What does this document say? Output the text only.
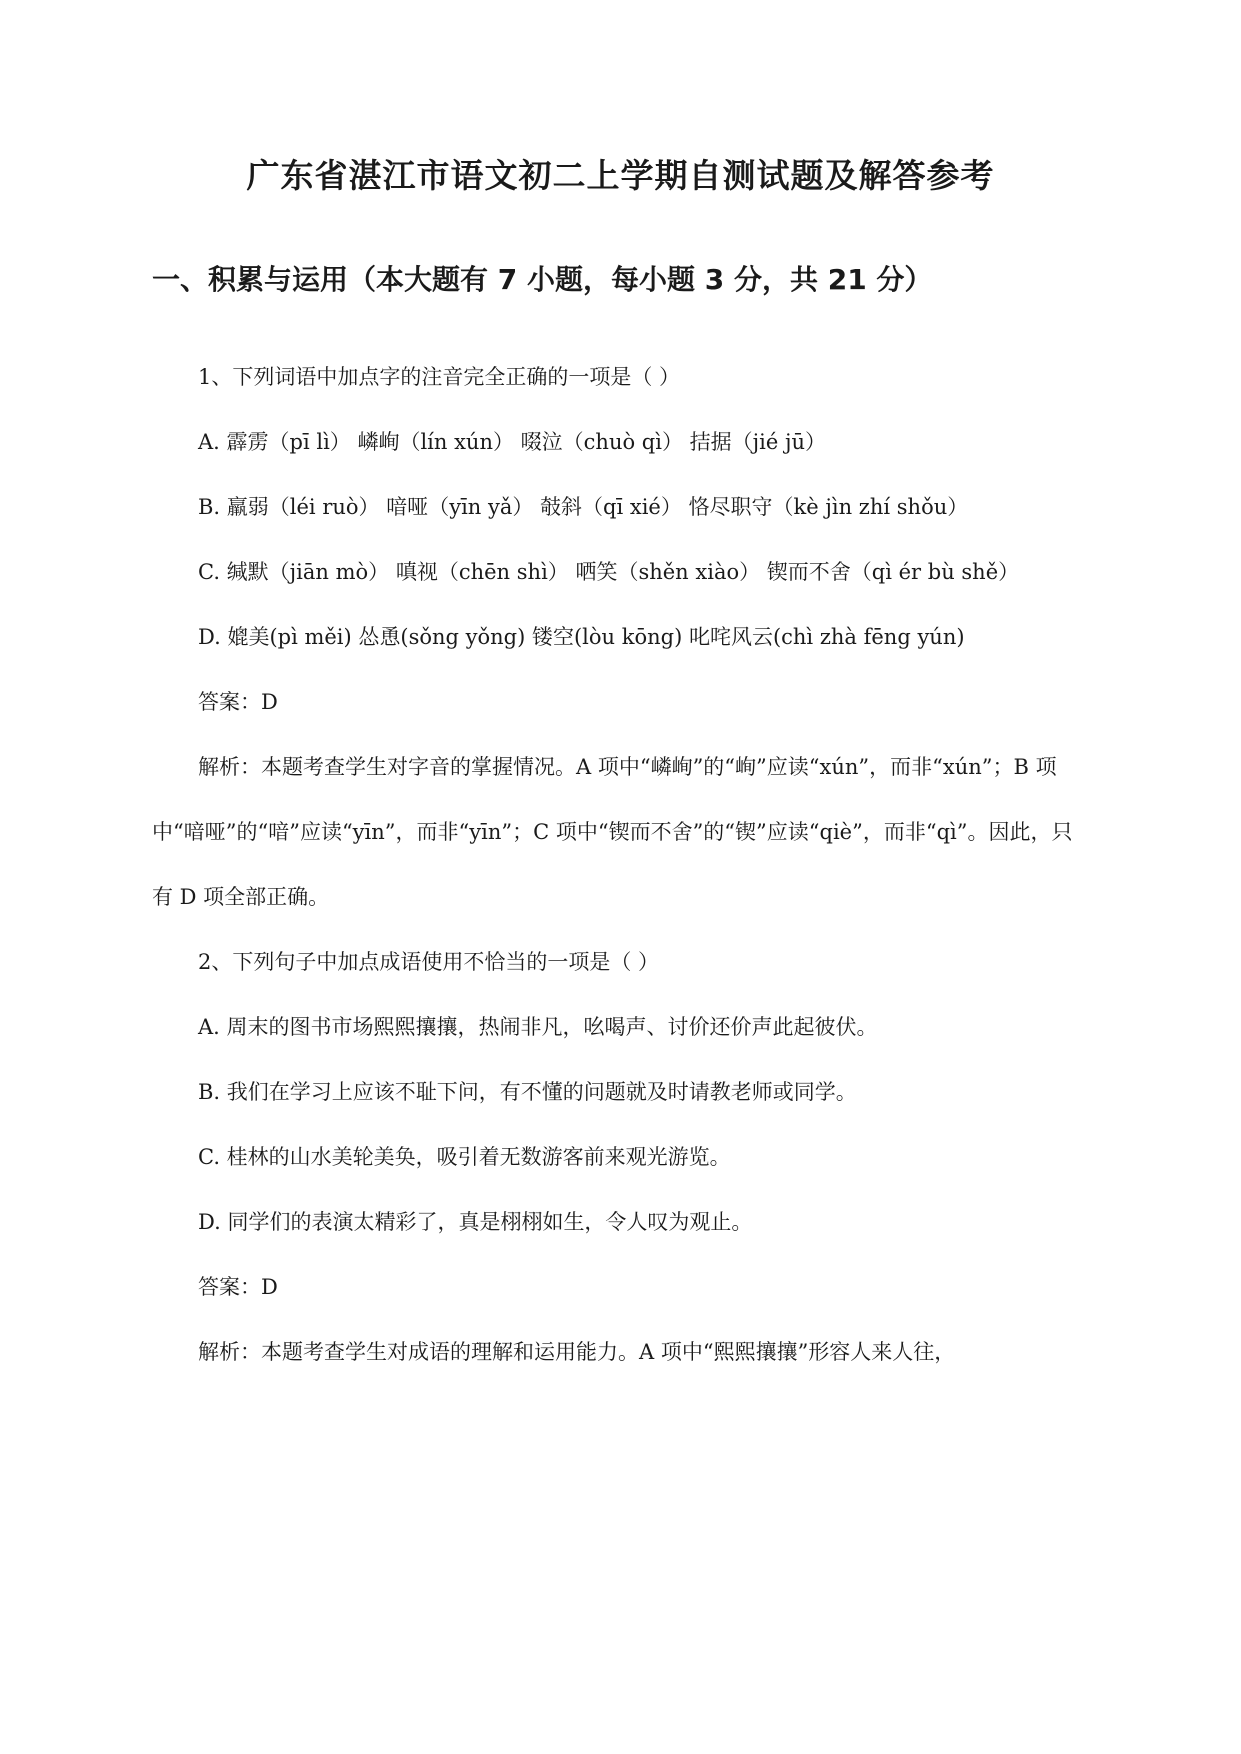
广东省湛江市语文初二上学期自测试题及解答参考
一、积累与运用（本大题有 7 小题，每小题 3 分，共 21 分）

1、下列词语中加点字的注音完全正确的一项是（ ）

A. 霹雳（pī lì） 嶙峋（lín xún） 啜泣（chuò qì） 拮据（jié jū）

B. 羸弱（léi ruò） 喑哑（yīn yǎ） 攲斜（qī xié） 恪尽职守（kè jìn zhí shǒu）

C. 缄默（jiān mò） 嗔视（chēn shì） 哂笑（shěn xiào） 锲而不舍（qì ér bù shě）

D. 媲美(pì měi) 怂恿(sǒng yǒng) 镂空(lòu kōng) 叱咤风云(chì zhà fēng yún)

答案：D

解析：本题考查学生对字音的掌握情况。A 项中“嶙峋”的“峋”应读“xún”，而非“xún”；B 项中“喑哑”的“喑”应读“yīn”，而非“yīn”；C 项中“锲而不舍”的“锲”应读“qiè”，而非“qì”。因此，只有 D 项全部正确。

2、下列句子中加点成语使用不恰当的一项是（ ）

A. 周末的图书市场熙熙攘攘，热闹非凡，吆喝声、讨价还价声此起彼伏。

B. 我们在学习上应该不耻下问，有不懂的问题就及时请教老师或同学。

C. 桂林的山水美轮美奂，吸引着无数游客前来观光游览。

D. 同学们的表演太精彩了，真是栩栩如生，令人叹为观止。

答案：D

解析：本题考查学生对成语的理解和运用能力。A 项中“熙熙攘攘”形容人来人往，
